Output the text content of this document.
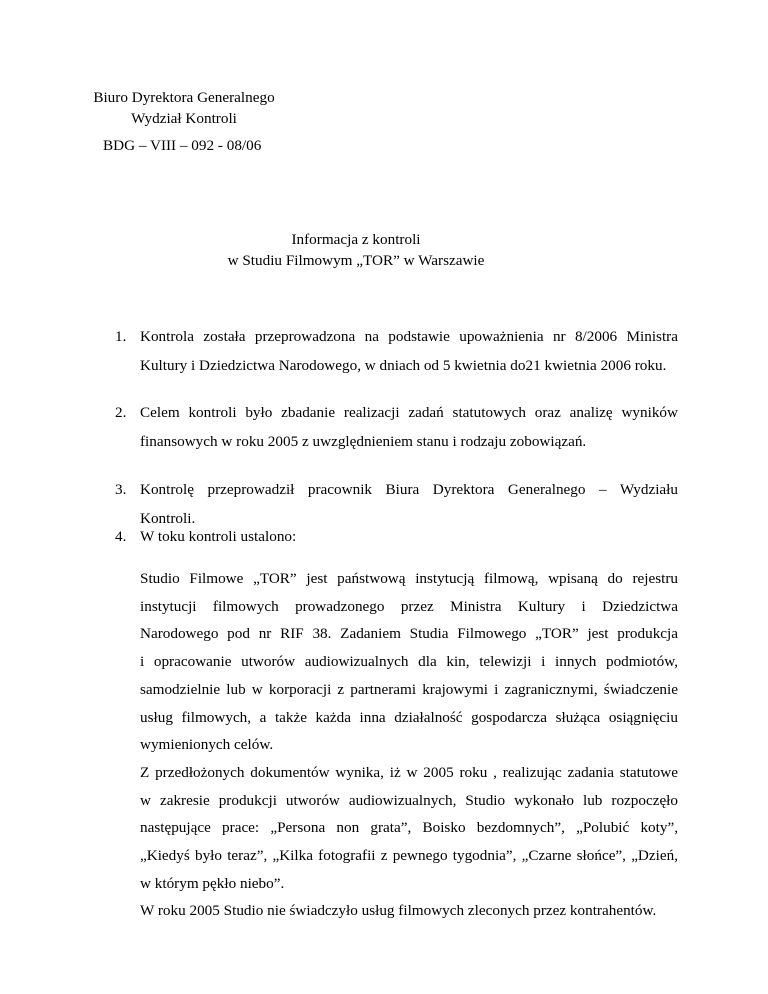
Biuro Dyrektora Generalnego
Wydział Kontroli
BDG – VIII – 092 - 08/06
Informacja z kontroli
w Studiu Filmowym „TOR” w Warszawie
1. Kontrola została przeprowadzona na podstawie upoważnienia nr 8/2006 Ministra
Kultury i Dziedzictwa Narodowego, w dniach od 5 kwietnia do21 kwietnia 2006 roku.
2. Celem kontroli było zbadanie realizacji zadań statutowych oraz analizę wyników
finansowych w roku 2005 z uwzględnieniem stanu i rodzaju zobowiązań.
3. Kontrolę przeprowadził pracownik Biura Dyrektora Generalnego – Wydziału
Kontroli.
4. W toku kontroli ustalono:
Studio Filmowe „TOR” jest państwową instytucją filmową, wpisaną do rejestru
instytucji filmowych prowadzonego przez Ministra Kultury i Dziedzictwa
Narodowego pod nr RIF 38. Zadaniem Studia Filmowego „TOR” jest produkcja
i opracowanie utworów audiowizualnych dla kin, telewizji i innych podmiotów,
samodzielnie lub w korporacji z partnerami krajowymi i zagranicznymi, świadczenie
usług filmowych, a także każda inna działalność gospodarcza służąca osiągnięciu
wymienionych celów.
Z przedłożonych dokumentów wynika, iż w 2005 roku , realizując zadania statutowe
w zakresie produkcji utworów audiowizualnych, Studio wykonało lub rozpoczęło
następujące prace: „Persona non grata”, Boisko bezdomnych”, „Polubić koty”,
„Kiedyś było teraz”, „Kilka fotografii z pewnego tygodnia”, „Czarne słońce”, „Dzień,
w którym pękło niebo”.
W roku 2005 Studio nie świadczyło usług filmowych zleconych przez kontrahentów.
